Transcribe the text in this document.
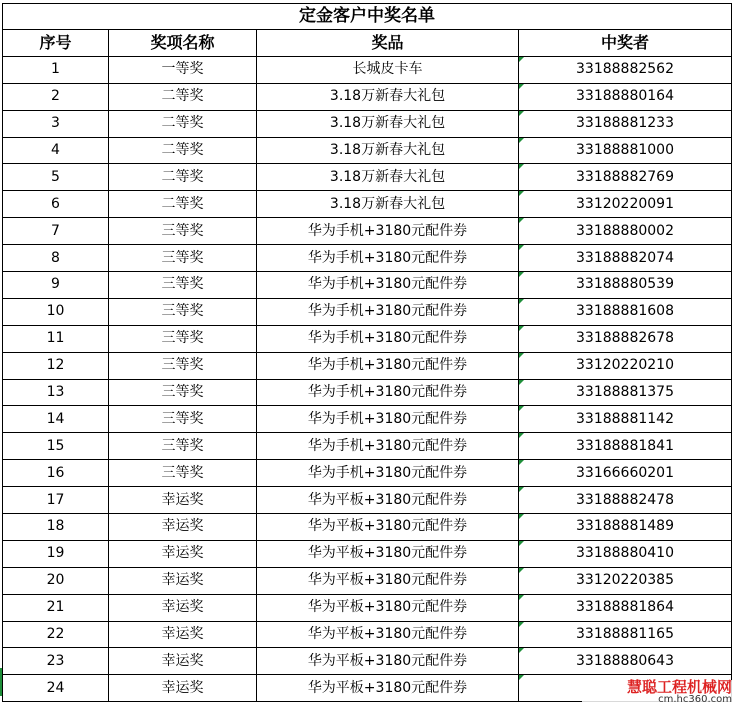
定金客户中奖名单			
序号	奖项名称	奖品	中奖者
1	一等奖	长城皮卡车	33188882562
2	二等奖	3.18万新春大礼包	33188880164
3	二等奖	3.18万新春大礼包	33188881233
4	二等奖	3.18万新春大礼包	33188881000
5	二等奖	3.18万新春大礼包	33188882769
6	二等奖	3.18万新春大礼包	33120220091
7	三等奖	华为手机+3180元配件券	33188880002
8	三等奖	华为手机+3180元配件券	33188882074
9	三等奖	华为手机+3180元配件券	33188880539
10	三等奖	华为手机+3180元配件券	33188881608
11	三等奖	华为手机+3180元配件券	33188882678
12	三等奖	华为手机+3180元配件券	33120220210
13	三等奖	华为手机+3180元配件券	33188881375
14	三等奖	华为手机+3180元配件券	33188881142
15	三等奖	华为手机+3180元配件券	33188881841
16	三等奖	华为手机+3180元配件券	33166660201
17	幸运奖	华为平板+3180元配件券	33188882478
18	幸运奖	华为平板+3180元配件券	33188881489
19	幸运奖	华为平板+3180元配件券	33188880410
20	幸运奖	华为平板+3180元配件券	33120220385
21	幸运奖	华为平板+3180元配件券	33188881864
22	幸运奖	华为平板+3180元配件券	33188881165
23	幸运奖	华为平板+3180元配件券	33188880643
24	幸运奖	华为平板+3180元配件券		慧聪工程机械网
cm.hc360.com
